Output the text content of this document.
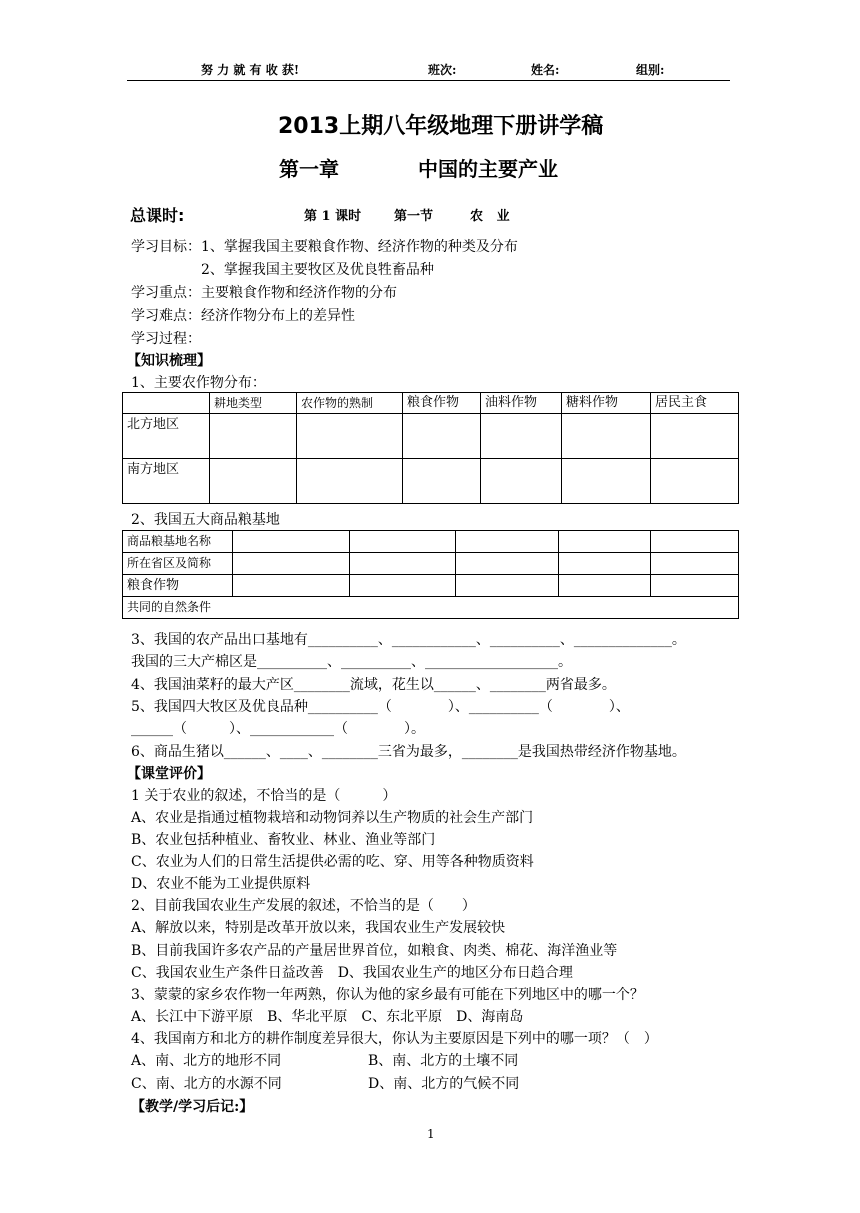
努 力 就 有 收 获!	班次:	姓名:	组别:
2013上期八年级地理下册讲学稿
第一章	中国的主要产业
总课时:	第 1 课时	第一节	农   业
学习目标：1、掌握我国主要粮食作物、经济作物的种类及分布
　　　　　2、掌握我国主要牧区及优良牲畜品种
学习重点：主要粮食作物和经济作物的分布
学习难点：经济作物分布上的差异性
学习过程：
【知识梳理】
1、主要农作物分布：
	耕地类型	农作物的熟制	粮食作物	油料作物	糖料作物	居民主食
北方地区						
南方地区						
2、我国五大商品粮基地
商品粮基地名称					
所在省区及简称					
粮食作物					
共同的自然条件					
3、我国的农产品出口基地有__________、____________、__________、______________。
我国的三大产棉区是__________、__________、___________________。
4、我国油菜籽的最大产区________流域，花生以______、________两省最多。
5、我国四大牧区及优良品种__________（　　　　）、__________（　　　　）、
______（　　　）、____________（　　　　）。
6、商品生猪以______、____、________三省为最多，________是我国热带经济作物基地。
【课堂评价】
1 关于农业的叙述，不恰当的是（　　　）
A、农业是指通过植物栽培和动物饲养以生产物质的社会生产部门
B、农业包括种植业、畜牧业、林业、渔业等部门
C、农业为人们的日常生活提供必需的吃、穿、用等各种物质资料
D、农业不能为工业提供原料
2、目前我国农业生产发展的叙述，不恰当的是（　　）
A、解放以来，特别是改革开放以来，我国农业生产发展较快
B、目前我国许多农产品的产量居世界首位，如粮食、肉类、棉花、海洋渔业等
C、我国农业生产条件日益改善　D、我国农业生产的地区分布日趋合理
3、蒙蒙的家乡农作物一年两熟，你认为他的家乡最有可能在下列地区中的哪一个？
A、长江中下游平原　B、华北平原　C、东北平原　D、海南岛
4、我国南方和北方的耕作制度差异很大，你认为主要原因是下列中的哪一项？（　）
A、南、北方的地形不同	B、南、北方的土壤不同
C、南、北方的水源不同	D、南、北方的气候不同
【教学/学习后记:】
1
